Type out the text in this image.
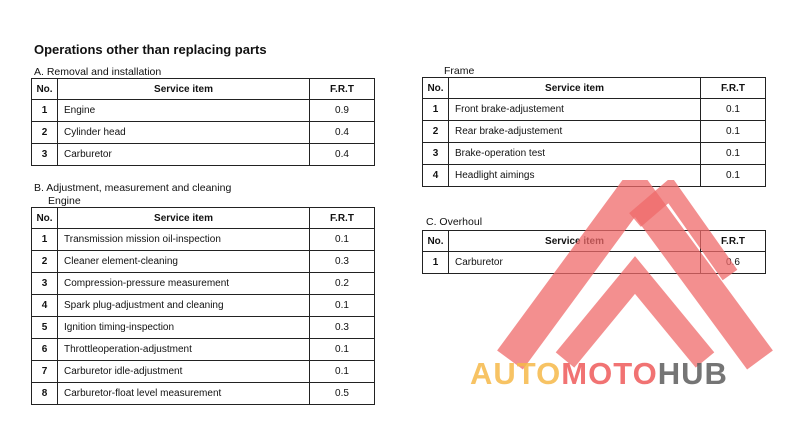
Operations other than replacing parts
A. Removal and installation
No.	Service item	F.R.T
1	Engine	0.9
2	Cylinder head	0.4
3	Carburetor	0.4
B. Adjustment, measurement and cleaning
Engine
No.	Service item	F.R.T
1	Transmission mission oil-inspection	0.1
2	Cleaner element-cleaning	0.3
3	Compression-pressure measurement	0.2
4	Spark plug-adjustment and cleaning	0.1
5	Ignition timing-inspection	0.3
6	Throttleoperation-adjustment	0.1
7	Carburetor idle-adjustment	0.1
8	Carburetor-float level measurement	0.5
Frame
No.	Service item	F.R.T
1	Front brake-adjustement	0.1
2	Rear brake-adjustement	0.1
3	Brake-operation test	0.1
4	Headlight aimings	0.1
C. Overhoul
No.	Service item	F.R.T
1	Carburetor	0.6
AUTOMOTOHUB
